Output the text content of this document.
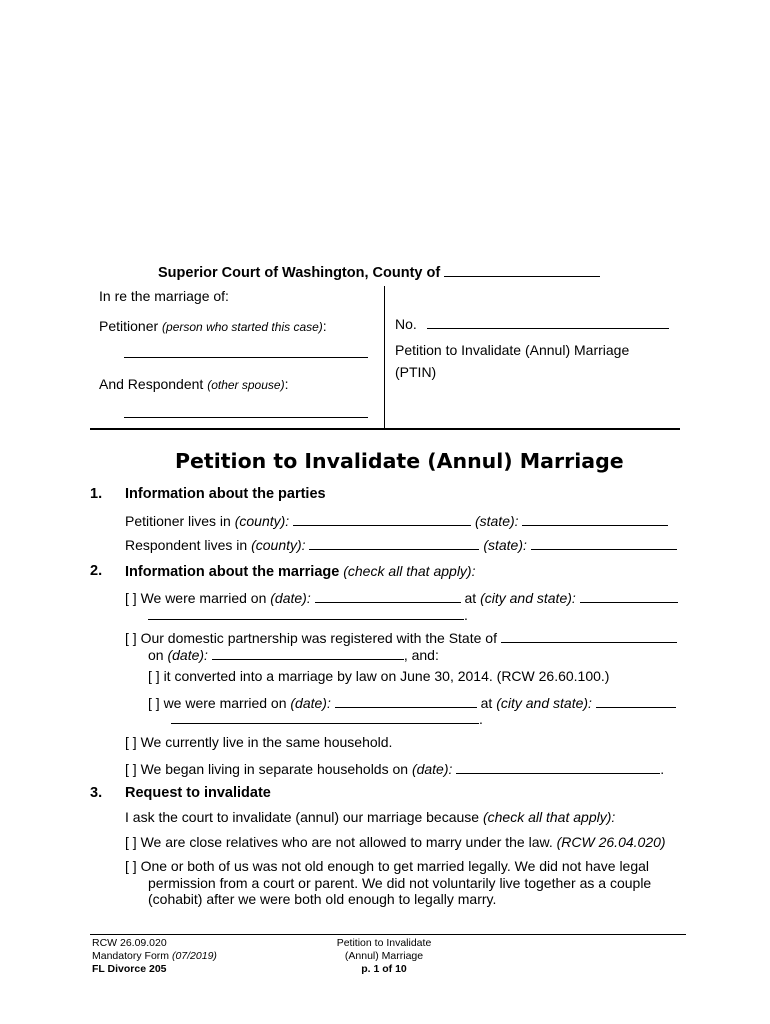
Superior Court of Washington, County of
In re the marriage of:
Petitioner (person who started this case):
And Respondent (other spouse):
No.
Petition to Invalidate (Annul) Marriage
(PTIN)
Petition to Invalidate (Annul) Marriage
1. Information about the parties
Petitioner lives in (county):	(state):
Respondent lives in (county):	(state):
2. Information about the marriage (check all that apply):
[ ] We were married on (date):	at (city and state):
.
[ ] Our domestic partnership was registered with the State of
on (date):	, and:
[ ] it converted into a marriage by law on June 30, 2014. (RCW 26.60.100.)
[ ] we were married on (date):	at (city and state):
.
[ ] We currently live in the same household.
[ ] We began living in separate households on (date):	.
3. Request to invalidate
I ask the court to invalidate (annul) our marriage because (check all that apply):
[ ] We are close relatives who are not allowed to marry under the law. (RCW 26.04.020)
[ ] One or both of us was not old enough to get married legally. We did not have legal
permission from a court or parent. We did not voluntarily live together as a couple
(cohabit) after we were both old enough to legally marry.
RCW 26.09.020
Mandatory Form (07/2019)
FL Divorce 205
Petition to Invalidate
(Annul) Marriage
p. 1 of 10
